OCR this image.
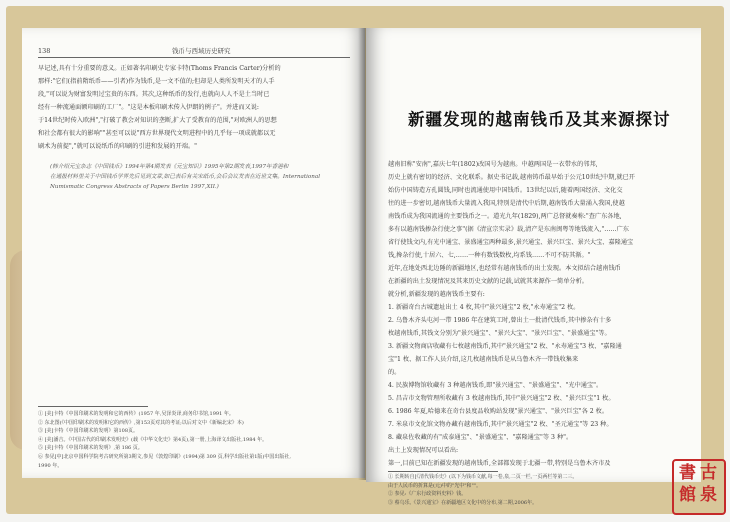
138	钱币与西域历史研究
早记述,具有十分重要的意义。正如著名印刷史专家卡特(Thoms Francis Carter)分析的
那样:"它们(指前隋纸币——引者)作为钱币,是一文不值的;但却是人类所发明天才的人手
段,"可以说为财富发明过宝贵的东西。其次,这种纸币的发行,也就向人人不是土当时已
经有一种流通面额印刷的工厂"。"这是本板印刷术传入伊朗的例子"。并进而又说:
于14世纪时传入欧洲","打破了教会对知识的垄断,扩大了受教育的范围,"对欧洲人的思想
和社会都有很大的影响""甚至可以说"西方世界现代文明进程中的几乎每一项成就都以无
刷术为前提","就可以说纸币的印刷的引进和发展的开端。"
(韩介绍元宝杂志《中国钱币》1994年第4期发表《元宝知识》1995年第2期发表,1997年香港和
在通报材料里关于中国钱币学界先后见到文章,如已表后有关宋纸币,会后会议发表在近世文集。International
Numismatic Congress Abstracts of Papers Berlin 1997,XII.)
① [美]卡特《中国印刷术的发明和它的西传》(1957 年,吴泽炎译,商务印书馆,1991 年。
② 东北图(《中国印刷术的发明和它的西传》,第153页对其的考证;以后对文中《新编北宋》本)
③ [美]卡特《中国印刷术的发明》第108页。
④ [美]潘吉。《中国古代的印刷术发明史》(载《中华文化史》第4页),第一册,上海译文出版社,1984 年。
⑤ [美]卡特《中国印刷术的发明》,第 186 页。
⑥ 参见[中]北京中国科学院考古研究所第3期文,参见《敦煌印刷》(1994)第 309 页,科学出版社第1版)中国出版社,
1990 年。
新疆发现的越南钱币及其来源探讨
越南旧称"安南",嘉庆七年(1802)改国号为越南。中越两国是一衣带水的邻邦,
历史上就有密切的经济、文化联系。据史书记载,越南铸币最早始于公元10世纪中期,就已开
始仿中国铸造方孔圆钱,同时也流通使用中国钱币。13世纪以后,随着两国经济、文化交
往的进一步密切,越南钱币大量流入我国,特别是清代中后期,越南钱币大量涌入我国,使越
南钱币成为我国流通的主要钱币之一。道光九年(1829),两广总督就奏称:"查广东各地,
多有以越南钱掺杂行使之事"(据《清宣宗实录》载,清产是东南闽粤等地钱流入,"……广东
省行使钱文内,有光中通宝、景盛通宝两种最多,景兴通宝、景兴巨宝、景兴大宝、嘉隆通宝
钱,搀杂行使,十居六、七,……一种有数钱数枚,均系钱……不可不防其渐。"
近年,在地处西北边陲的新疆地区,也经常有越南钱币的出土发现。本文拟结合越南钱币
在新疆的出土发现情况及其来历史文献的记载,试就其来源作一简单分析。
就分析,新疆发现的越南钱币主要有:
1. 新疆奇台古城遗址出土 4 枚,其中"景兴通宝"2 枚,"永寿通宝"2 枚。
2. 乌鲁木齐头屯河一带 1986 年在建筑工时,曾出土一批清代钱币,其中掺杂有十多
枚越南钱币,其钱文分别为"景兴通宝"、"景兴大宝"、"景兴巨宝"、"景盛通宝"等。
3. 新疆文物商店收藏有七枚越南钱币,其中"景兴通宝"2 枚、"永寿通宝"3 枚、"嘉隆通
宝"1 枚、据工作人员介绍,这几枚越南钱币是从乌鲁木齐一带钱收集来
的。
4. 民族博物馆收藏有 3 种越南钱币,即"景兴通宝"、"景盛通宝"、"光中通宝"。
5. 昌吉市文物管理所收藏有 3 枚越南钱币,其中"景兴通宝"2 枚、"景兴巨宝"1 枚。
6. 1986 年夏,哈德来在奇台县度品收购站发现"景兴通宝"、"景兴巨宝"各 2 枚。
7. 米泉市文化馆文物办藏有越南钱币,其中"景兴通宝"2 枚、"圣元通宝"等 23 种。
8. 藏泉佐收藏的有"成泰通宝"、"景盛通宝"、"嘉隆通宝"等 3 种"。
出土上发现情况可以看出:
第一,目前已知在新疆发现的越南钱币,全部都发现于北疆一带,特别是乌鲁木齐市及
① 长期转自[《清代钱币史》(以下为钱币文献,每一卷,泉,二页一栏,一页两栏等第二三。
由于人民币的折算是(元)中的"光中"和""。
② 参见:《广东行政资料史料》钱。
③ 蔡乌乐,《景兴通宝》在新疆地区文化中的分布,第二期,2006年。
古
泉
書
館
